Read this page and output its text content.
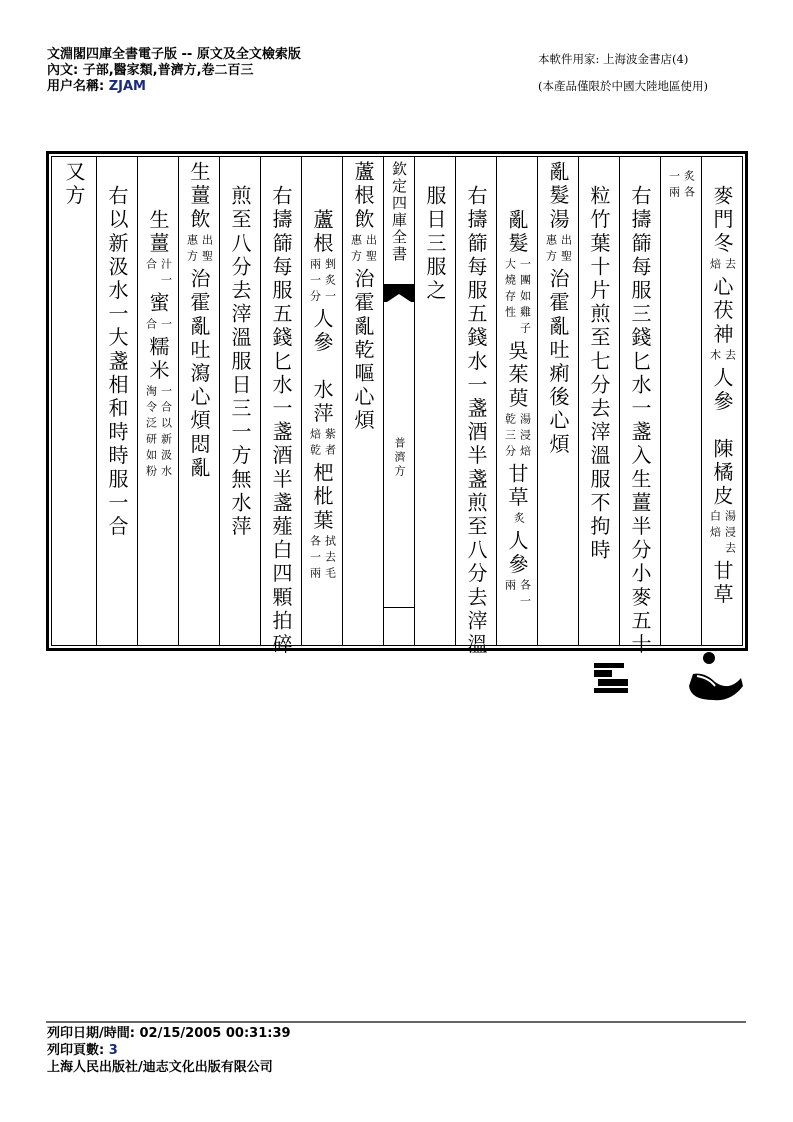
文淵閣四庫全書電子版 -- 原文及全文檢索版
內文: 子部,醫家類,普濟方,卷二百三
用户名稱: ZJAM
本軟件用家: 上海波金書店(4)
(本產品僅限於中國大陸地區使用)
麥門冬
去
焙
心茯神
去
木
人參　陳橘皮
湯浸去
白焙
甘草
炙各
一兩
右擣篩每服三錢匕水一盞入生薑半分小麥五十
粒竹葉十片煎至七分去滓溫服不拘時
亂髮湯
出聖
惠方
治霍亂吐痢後心煩
亂髮
一團如雞子
大燒存性
吳茱萸
湯浸焙
乾三分
甘草
炙
人參
各一
兩
右擣篩每服五錢水一盞酒半盞煎至八分去滓溫
服日三服之
欽定四庫全書
普濟方
蘆根飲
出聖
惠方
治霍亂乾嘔心煩
蘆根
剉炙一
兩一分
人參　水萍
紫者
焙乾
杷枇葉
拭去毛
各一兩
右擣篩每服五錢匕水一盞酒半盞薤白四顆拍碎
煎至八分去滓溫服日三一方無水萍
生薑飲
出聖
惠方
治霍亂吐瀉心煩悶亂
生薑
汁一
合
蜜
一
合
糯米
一合以新汲水
淘令泛研如粉
右以新汲水一大盞相和時時服一合
又方
列印日期/時間: 02/15/2005 00:31:39
列印頁數: 3
上海人民出版社/迪志文化出版有限公司
